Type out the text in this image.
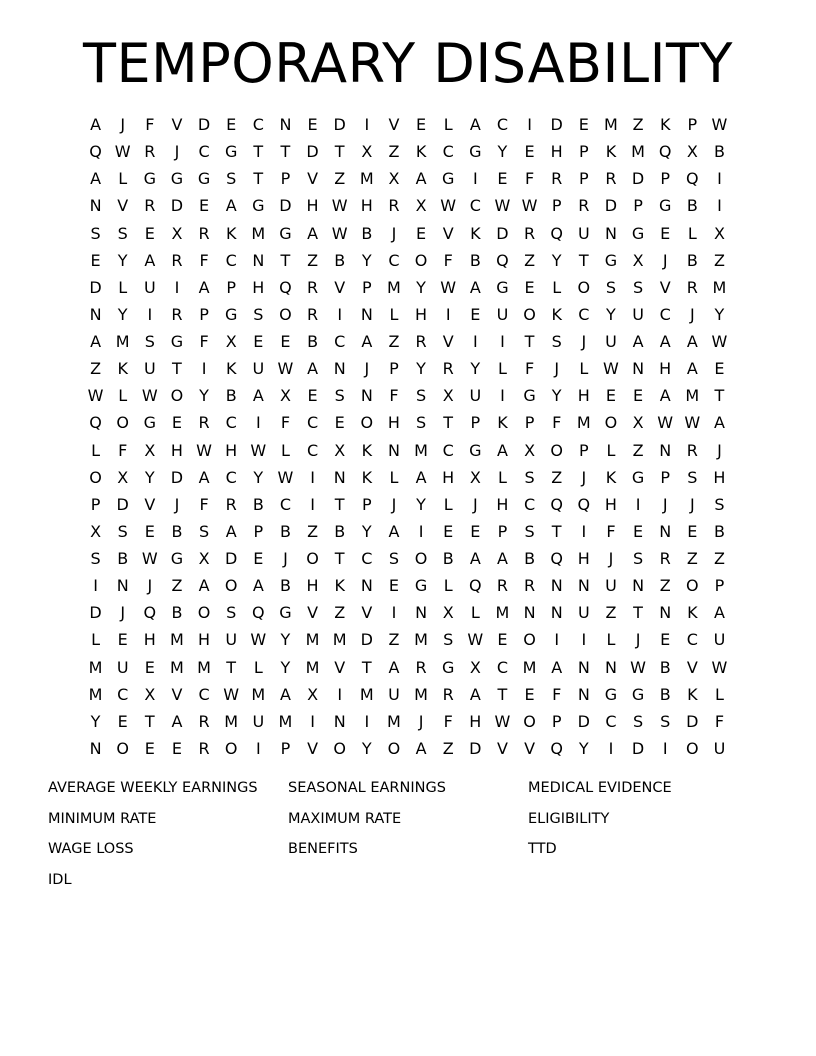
TEMPORARY DISABILITY
A	J	F	V D E	C N	E D	I	V	E	L	A	C	I	D E M Z	K	P W
Q W R	J	C G	T	T	D	T	X	Z	K	C G	Y	E	H	P	K M Q X	B
A	L	G G G S	T	P	V	Z M X	A G	I	E	F	R	P	R D	P	Q	I
N V	R D E	A G D H W H R	X W C W W P	R D	P	G B	I
S	S	E	X	R	K M G A W B	J	E	V	K D R Q U N G E	L	X
E	Y	A	R	F	C N	T	Z	B	Y	C O	F	B Q Z	Y	T	G X	J	B	Z
D	L	U	I	A	P	H Q R	V	P M Y W A G E	L	O S	S	V	R M
N	Y	I	R	P	G S O R	I	N	L	H	I	E	U O K	C	Y	U C	J	Y
A M S G	F	X	E	E	B	C	A	Z	R	V	I	I	T	S	J	U A	A	A W
Z	K	U	T	I	K	U W A N	J	P	Y	R	Y	L	F	J	L W N H A	E
W L W O Y	B	A	X	E	S	N	F	S	X U	I	G	Y	H	E	E	A M T
Q O G E	R C	I	F	C	E O H	S	T	P	K	P	F M O X W W A
L	F	X H W H W L	C	X	K N M C G A	X O	P	L	Z N R	J
O X	Y	D A	C	Y W	I	N K	L	A H X	L	S	Z	J	K G	P	S	H
P	D V	J	F	R	B	C	I	T	P	J	Y	L	J	H C Q Q H	I	J	J	S
X	S	E	B	S	A	P	B	Z	B	Y	A	I	E	E	P	S	T	I	F	E	N	E	B
S	B W G X D E	J	O T	C	S O B	A	A	B Q H	J	S	R	Z	Z
I	N	J	Z	A O A	B H K N	E G	L	Q R	R N N U N Z O	P
D	J	Q B O S Q G V	Z	V	I	N X	L M N N U Z	T	N K	A
L	E	H M H U W Y M M D Z M S W E O	I	I	L	J	E	C U
M U	E M M T	L	Y M V	T	A	R G X	C M A N N W B	V W
M C	X	V	C W M A	X	I	M U M R	A	T	E	F	N G G B	K	L
Y	E	T	A	R M U M	I	N	I	M	J	F	H W O	P	D C	S	S D	F
N O E	E	R O	I	P	V O Y O A	Z D V	V Q Y	I	D	I	O U
AVERAGE WEEKLY EARNINGS	SEASONAL EARNINGS	MEDICAL EVIDENCE
MINIMUM RATE	MAXIMUM RATE	ELIGIBILITY
WAGE LOSS	BENEFITS	TTD
IDL
